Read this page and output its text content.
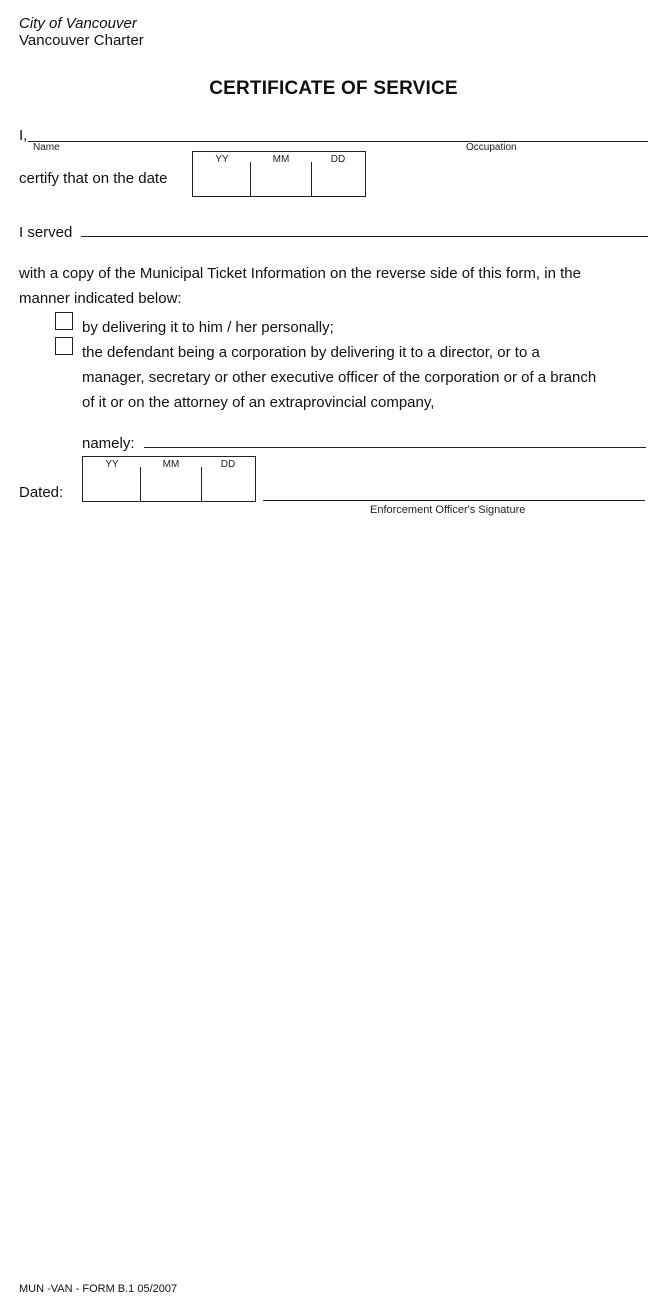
City of Vancouver
Vancouver Charter
CERTIFICATE OF SERVICE
I,
Name	Occupation
certify that on the date
YY	MM	DD
I served
with a copy of the Municipal Ticket Information on the reverse side of this form, in the
manner indicated below:
by delivering it to him / her personally;
the defendant being a corporation by delivering it to a director, or to a
manager, secretary or other executive officer of the corporation or of a branch
of it or on the attorney of an extraprovincial company,
namely:
Dated:
YY	MM	DD
Enforcement Officer's Signature
MUN -VAN - FORM B.1 05/2007
